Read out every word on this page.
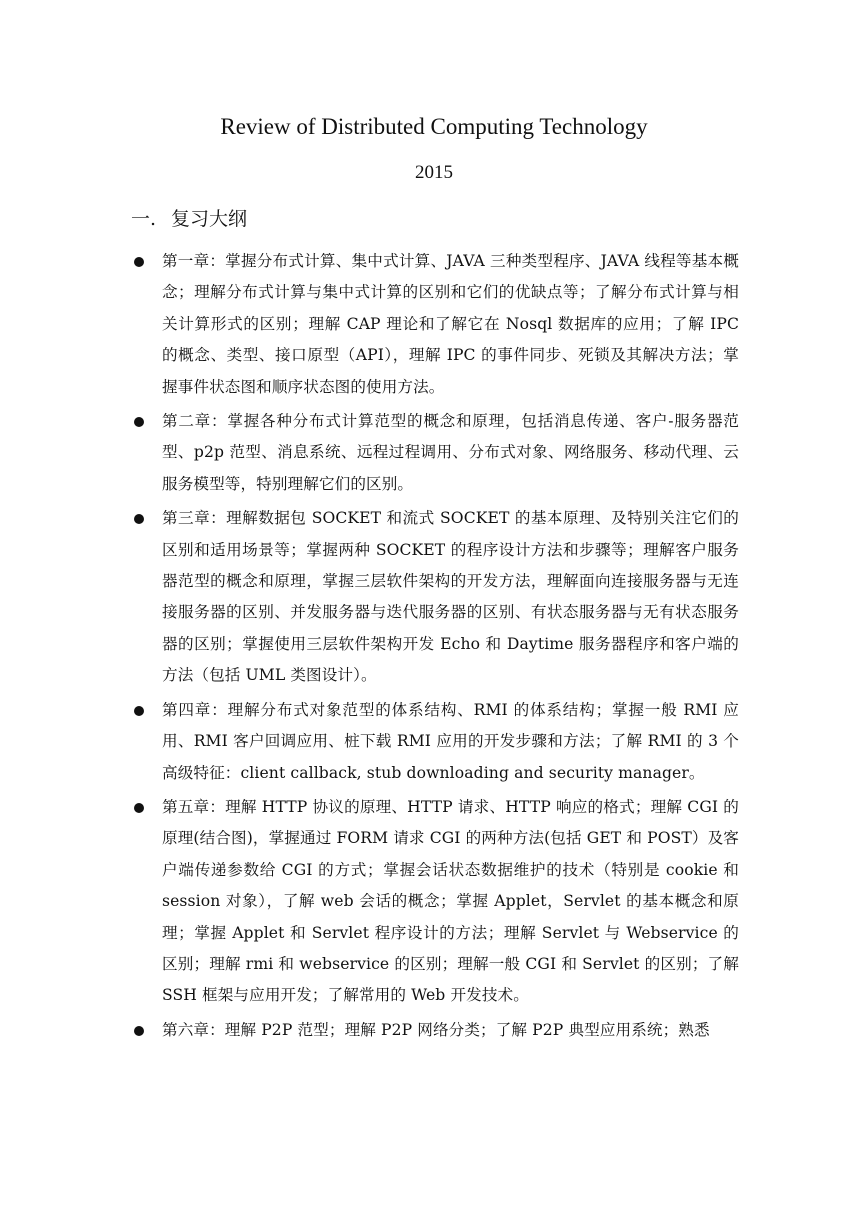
Review of Distributed Computing Technology
2015
一. 复习大纲
第一章：掌握分布式计算、集中式计算、JAVA 三种类型程序、JAVA 线程等基本概念；理解分布式计算与集中式计算的区别和它们的优缺点等；了解分布式计算与相关计算形式的区别；理解 CAP 理论和了解它在 Nosql 数据库的应用；了解 IPC 的概念、类型、接口原型（API），理解 IPC 的事件同步、死锁及其解决方法；掌握事件状态图和顺序状态图的使用方法。
第二章：掌握各种分布式计算范型的概念和原理，包括消息传递、客户-服务器范型、p2p 范型、消息系统、远程过程调用、分布式对象、网络服务、移动代理、云服务模型等，特别理解它们的区别。
第三章：理解数据包 SOCKET 和流式 SOCKET 的基本原理、及特别关注它们的区别和适用场景等；掌握两种 SOCKET 的程序设计方法和步骤等；理解客户服务器范型的概念和原理，掌握三层软件架构的开发方法，理解面向连接服务器与无连接服务器的区别、并发服务器与迭代服务器的区别、有状态服务器与无有状态服务器的区别；掌握使用三层软件架构开发 Echo 和 Daytime 服务器程序和客户端的方法（包括 UML 类图设计）。
第四章：理解分布式对象范型的体系结构、RMI 的体系结构；掌握一般 RMI 应用、RMI 客户回调应用、桩下载 RMI 应用的开发步骤和方法；了解 RMI 的 3 个高级特征：client callback, stub downloading and security manager。
第五章：理解 HTTP 协议的原理、HTTP 请求、HTTP 响应的格式；理解 CGI 的原理(结合图)，掌握通过 FORM 请求 CGI 的两种方法(包括 GET 和 POST）及客户端传递参数给 CGI 的方式；掌握会话状态数据维护的技术（特别是 cookie 和 session 对象），了解 web 会话的概念；掌握 Applet，Servlet 的基本概念和原理；掌握 Applet 和 Servlet 程序设计的方法；理解 Servlet 与 Webservice 的区别；理解 rmi 和 webservice 的区别；理解一般 CGI 和 Servlet 的区别；了解 SSH 框架与应用开发；了解常用的 Web 开发技术。
第六章：理解 P2P 范型；理解 P2P 网络分类；了解 P2P 典型应用系统；熟悉
